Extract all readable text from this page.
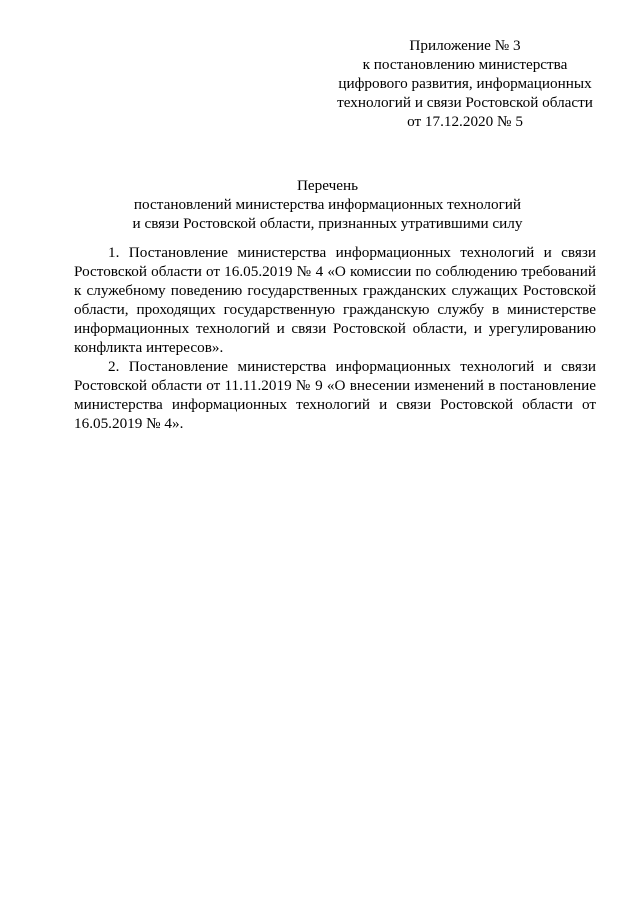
Приложение № 3
к постановлению министерства
цифрового развития, информационных
технологий и связи Ростовской области
от 17.12.2020 № 5
Перечень
постановлений министерства информационных технологий
и связи Ростовской области, признанных утратившими силу

1. Постановление министерства информационных технологий и связи Ростовской области от 16.05.2019 № 4 «О комиссии по соблюдению требований к служебному поведению государственных гражданских служащих Ростовской области, проходящих государственную гражданскую службу в министерстве информационных технологий и связи Ростовской области, и урегулированию конфликта интересов».

2. Постановление министерства информационных технологий и связи Ростовской области от 11.11.2019 № 9 «О внесении изменений в постановление министерства информационных технологий и связи Ростовской области от 16.05.2019 № 4».
